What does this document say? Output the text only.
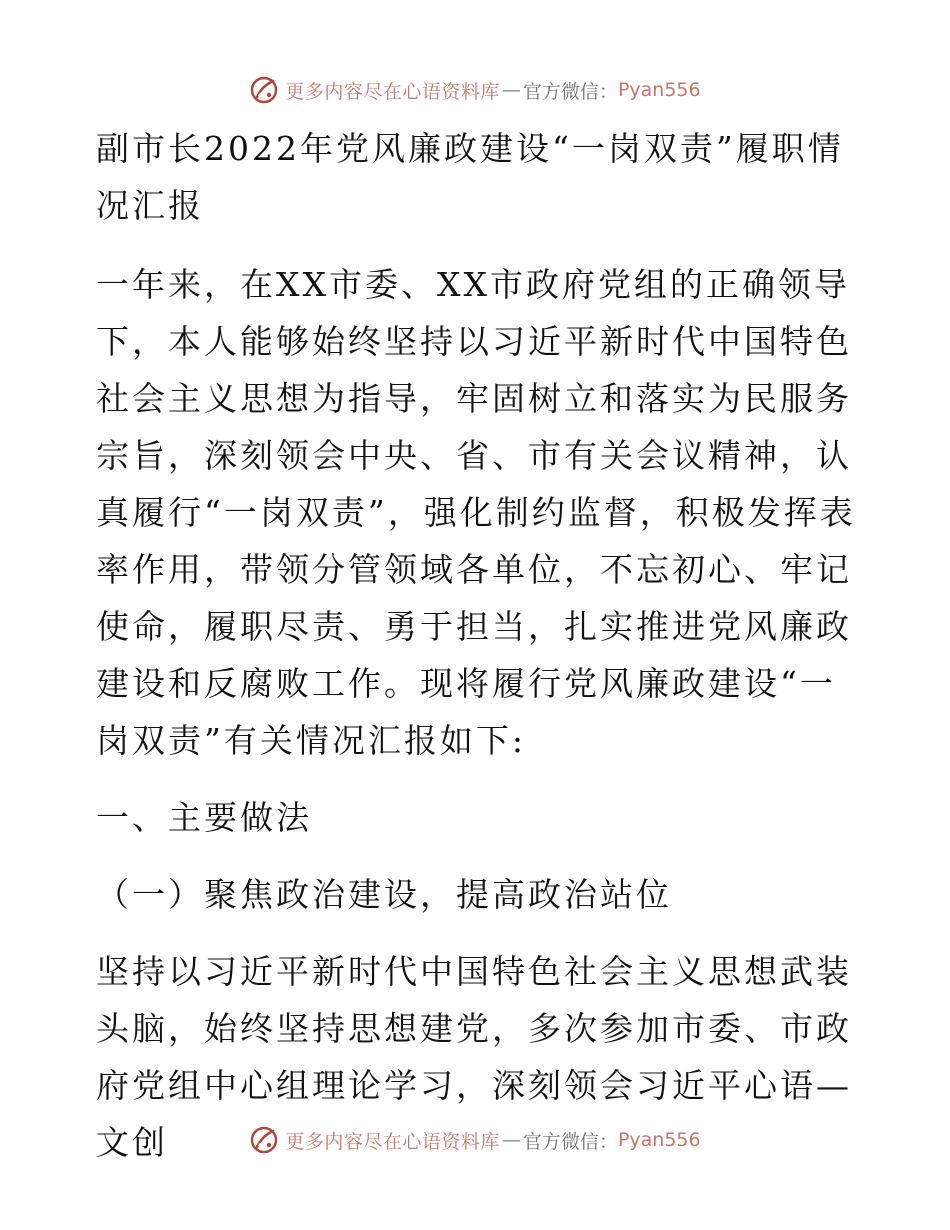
更多内容尽在心语资料库 — 官方微信： Pyan556

副市长2022年党风廉政建设“一岗双责”履职情况汇报

一年来，在XX市委、XX市政府党组的正确领导下，本人能够始终坚持以习近平新时代中国特色社会主义思想为指导，牢固树立和落实为民服务宗旨，深刻领会中央、省、市有关会议精神，认真履行“一岗双责”，强化制约监督，积极发挥表率作用，带领分管领域各单位，不忘初心、牢记使命，履职尽责、勇于担当，扎实推进党风廉政建设和反腐败工作。现将履行党风廉政建设“一岗双责”有关情况汇报如下:

一、主要做法

（一）聚焦政治建设，提高政治站位

坚持以习近平新时代中国特色社会主义思想武装头脑，始终坚持思想建党，多次参加市委、市政府党组中心组理论学习，深刻领会习近平心语—文创	更多内容尽在心语资料库 — 官方微信： Pyan556
